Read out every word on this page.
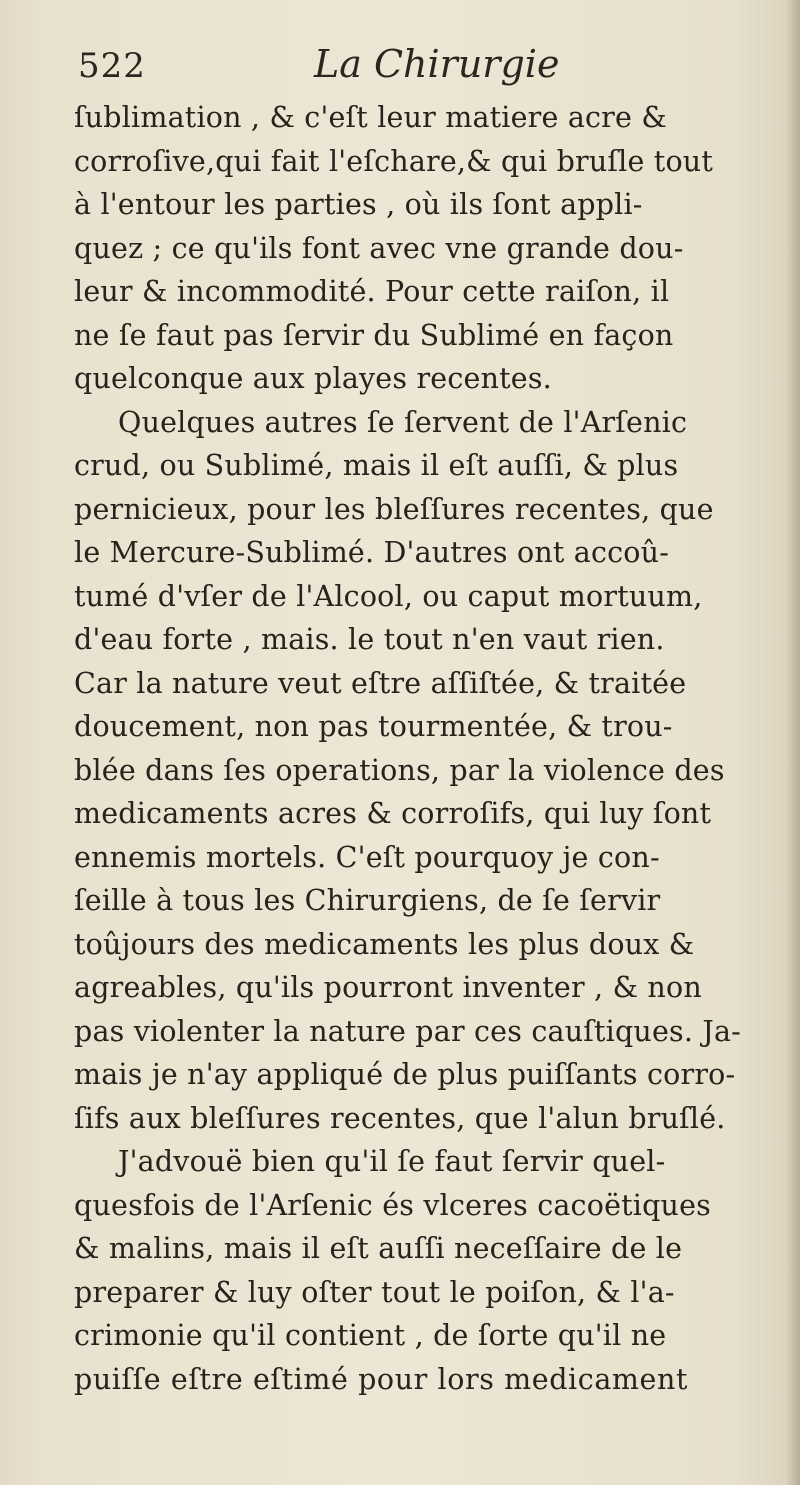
522	La Chirurgie
ſublimation , & c'eſt leur matiere acre &
corroſive,qui fait l'eſchare,& qui bruſle tout
à l'entour les parties , où ils ſont appli-
quez ; ce qu'ils font avec vne grande dou-
leur & incommodité. Pour cette raiſon, il
ne ſe faut pas ſervir du Sublimé en façon
quelconque aux playes recentes.
Quelques autres ſe ſervent de l'Arſenic
crud, ou Sublimé, mais il eſt auſſi, & plus
pernicieux, pour les bleſſures recentes, que
le Mercure-Sublimé. D'autres ont accoû-
tumé d'vſer de l'Alcool, ou caput mortuum,
d'eau forte , mais. le tout n'en vaut rien.
Car la nature veut eſtre aſſiſtée, & traitée
doucement, non pas tourmentée, & trou-
blée dans ſes operations, par la violence des
medicaments acres & corroſifs, qui luy ſont
ennemis mortels. C'eſt pourquoy je con-
ſeille à tous les Chirurgiens, de ſe ſervir
toûjours des medicaments les plus doux &
agreables, qu'ils pourront inventer , & non
pas violenter la nature par ces cauſtiques. Ja-
mais je n'ay appliqué de plus puiſſants corro-
ſifs aux bleſſures recentes, que l'alun bruſlé.
J'advouë bien qu'il ſe faut ſervir quel-
quesfois de l'Arſenic és vlceres cacoëtiques
& malins, mais il eſt auſſi neceſſaire de le
preparer & luy oſter tout le poiſon, & l'a-
crimonie qu'il contient , de ſorte qu'il ne
puiſſe eſtre eſtimé pour lors medicament
